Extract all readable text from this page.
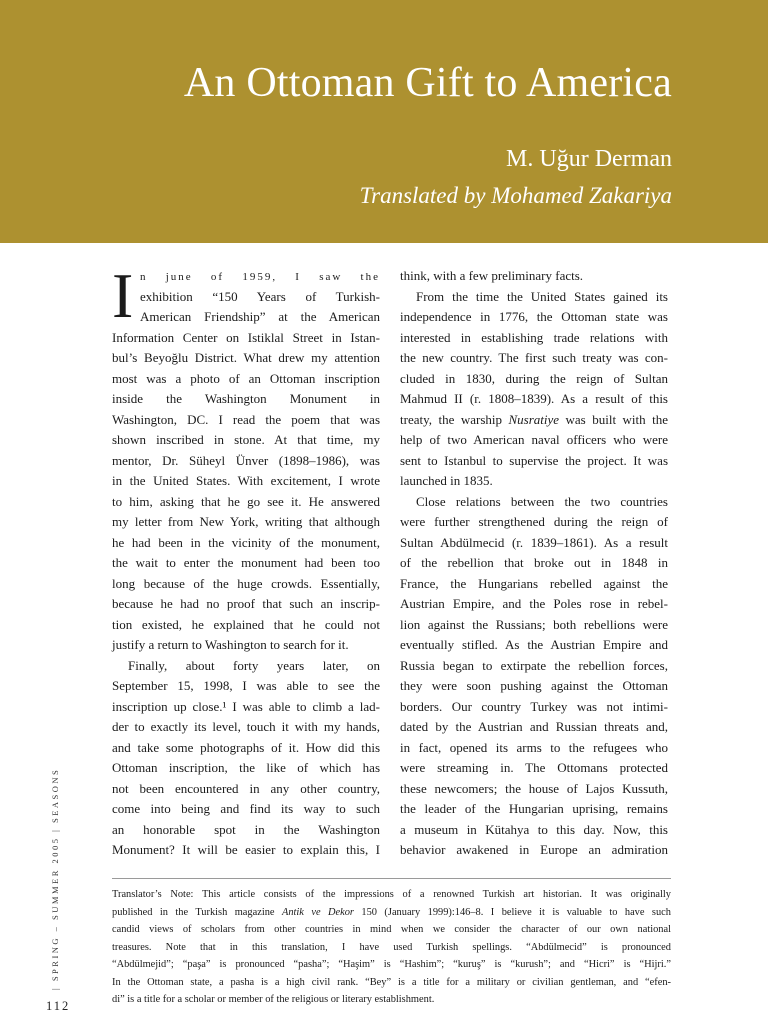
An Ottoman Gift to America
M. Uğur Derman
Translated by Mohamed Zakariya
I n june of 1959, I saw the
exhibition “150 Years of Turkish-
American Friendship” at the American
Information Center on Istiklal Street in Istan-
bul’s Beyoğlu District. What drew my attention
most was a photo of an Ottoman inscription
inside the Washington Monument in
Washington, DC. I read the poem that was
shown inscribed in stone. At that time, my
mentor, Dr. Süheyl Ünver (1898–1986), was
in the United States. With excitement, I wrote
to him, asking that he go see it. He answered
my letter from New York, writing that although
he had been in the vicinity of the monument,
the wait to enter the monument had been too
long because of the huge crowds. Essentially,
because he had no proof that such an inscrip-
tion existed, he explained that he could not
justify a return to Washington to search for it.
Finally, about forty years later, on
September 15, 1998, I was able to see the
inscription up close.¹ I was able to climb a lad-
der to exactly its level, touch it with my hands,
and take some photographs of it. How did this
Ottoman inscription, the like of which has
not been encountered in any other country,
come into being and find its way to such
an honorable spot in the Washington
Monument? It will be easier to explain this, I
think, with a few preliminary facts.
From the time the United States gained its
independence in 1776, the Ottoman state was
interested in establishing trade relations with
the new country. The first such treaty was con-
cluded in 1830, during the reign of Sultan
Mahmud II (r. 1808–1839). As a result of this
treaty, the warship Nusratiye was built with the
help of two American naval officers who were
sent to Istanbul to supervise the project. It was
launched in 1835.
Close relations between the two countries
were further strengthened during the reign of
Sultan Abdülmecid (r. 1839–1861). As a result
of the rebellion that broke out in 1848 in
France, the Hungarians rebelled against the
Austrian Empire, and the Poles rose in rebel-
lion against the Russians; both rebellions were
eventually stifled. As the Austrian Empire and
Russia began to extirpate the rebellion forces,
they were soon pushing against the Ottoman
borders. Our country Turkey was not intimi-
dated by the Austrian and Russian threats and,
in fact, opened its arms to the refugees who
were streaming in. The Ottomans protected
these newcomers; the house of Lajos Kussuth,
the leader of the Hungarian uprising, remains
a museum in Kütahya to this day. Now, this
behavior awakened in Europe an admiration
Translator’s Note: This article consists of the impressions of a renowned Turkish art historian. It was originally
published in the Turkish magazine Antik ve Dekor 150 (January 1999):146–8. I believe it is valuable to have such
candid views of scholars from other countries in mind when we consider the character of our own national
treasures. Note that in this translation, I have used Turkish spellings. “Abdülmecid” is pronounced
“Abdülmejid”; “paşa” is pronounced “pasha”; “Haşim” is “Hashim”; “kuruş” is “kurush”; and “Hicri” is “Hijri.”
In the Ottoman state, a pasha is a high civil rank. “Bey” is a title for a military or civilian gentleman, and “efen-
di” is a title for a scholar or member of the religious or literary establishment.
| SPRING – SUMMER 2005 | SEASONS
112
